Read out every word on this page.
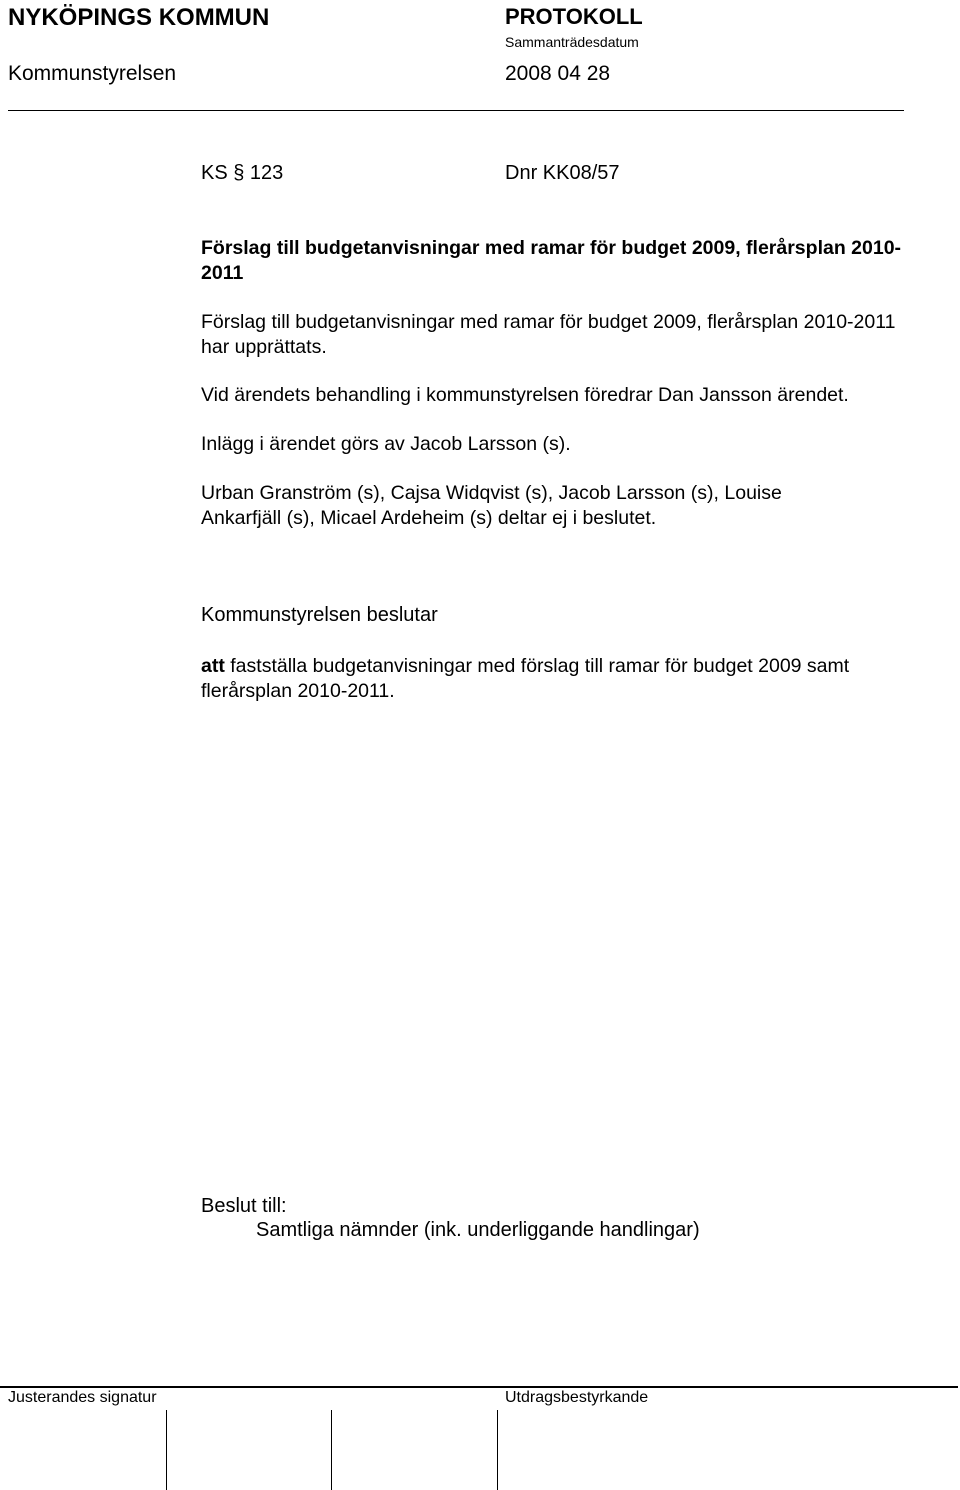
NYKÖPINGS KOMMUN	PROTOKOLL
Sammanträdesdatum
Kommunstyrelsen	2008 04 28
KS § 123	Dnr KK08/57
Förslag till budgetanvisningar med ramar för budget 2009, flerårsplan 2010-2011
Förslag till budgetanvisningar med ramar för budget 2009, flerårsplan 2010-2011 har upprättats.
Vid ärendets behandling i kommunstyrelsen föredrar Dan Jansson ärendet.
Inlägg i ärendet görs av Jacob Larsson (s).
Urban Granström (s), Cajsa Widqvist (s), Jacob Larsson (s), Louise Ankarfjäll (s), Micael Ardeheim (s) deltar ej i beslutet.
Kommunstyrelsen beslutar
att fastställa budgetanvisningar med förslag till ramar för budget 2009 samt flerårsplan 2010-2011.
Beslut till:
Samtliga nämnder (ink. underliggande handlingar)
Justerandes signatur	Utdragsbestyrkande
